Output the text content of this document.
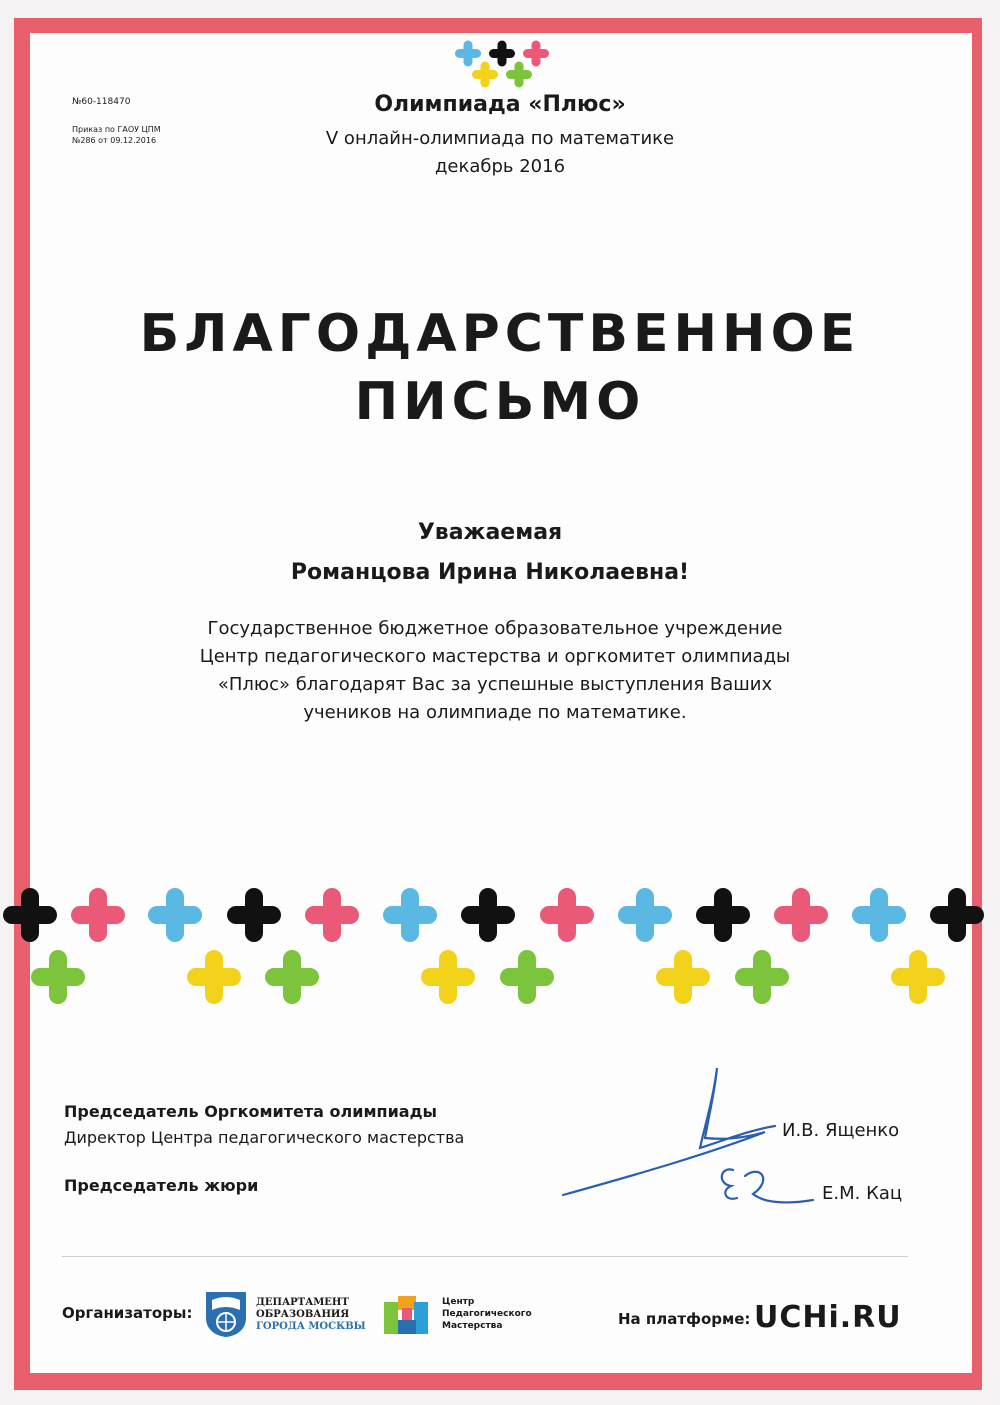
№60-118470
Приказ по ГАОУ ЦПМ
№286 от 09.12.2016
Олимпиада «Плюс»
V онлайн-олимпиада по математике
декабрь 2016
БЛАГОДАРСТВЕННОЕ
ПИСЬМО
Уважаемая
Романцова Ирина Николаевна!
Государственное бюджетное образовательное учреждение
Центр педагогического мастерства и оргкомитет олимпиады
«Плюс» благодарят Вас за успешные выступления Ваших
учеников на олимпиаде по математике.
Председатель Оргкомитета олимпиады
Директор Центра педагогического мастерства
Председатель жюри
И.В. Ященко
Е.М. Кац
Организаторы:
ДЕПАРТАМЕНТ
ОБРАЗОВАНИЯ
ГОРОДА МОСКВЫ
Центр
Педагогического
Мастерства	На платформе: UCHi.RU
